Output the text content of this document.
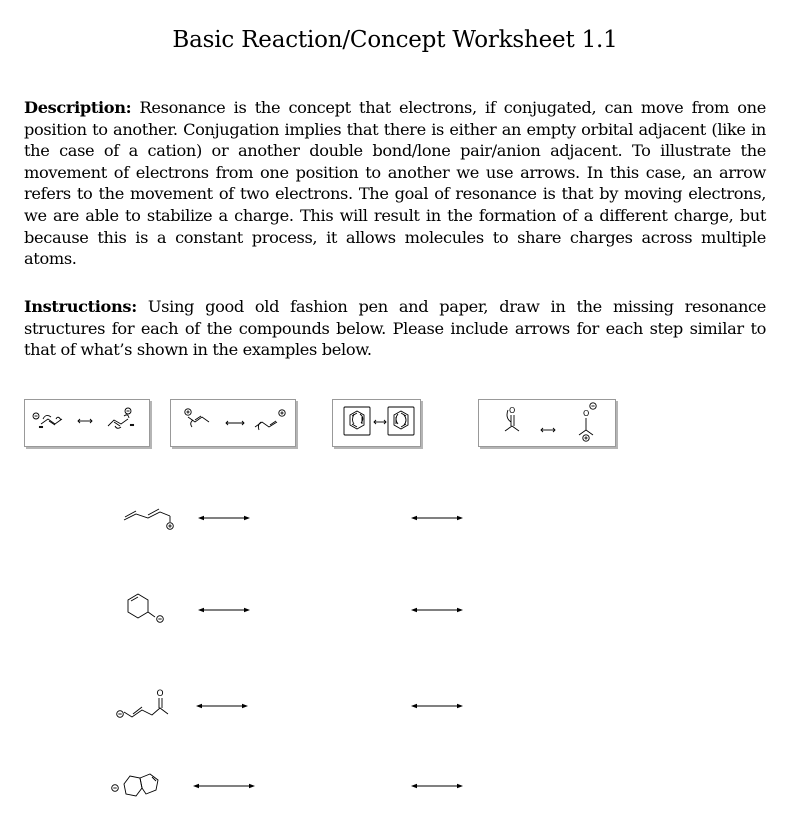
Basic Reaction/Concept Worksheet 1.1
Description: Resonance is the concept that electrons, if conjugated, can move from one position to another. Conjugation implies that there is either an empty orbital adjacent (like in the case of a cation) or another double bond/lone pair/anion adjacent. To illustrate the movement of electrons from one position to another we use arrows. In this case, an arrow refers to the movement of two electrons. The goal of resonance is that by moving electrons, we are able to stabilize a charge. This will result in the formation of a different charge, but because this is a constant process, it allows molecules to share charges across multiple atoms.
Instructions: Using good old fashion pen and paper, draw in the missing resonance structures for each of the compounds below. Please include arrows for each step similar to that of what’s shown in the examples below.
O	O
O
